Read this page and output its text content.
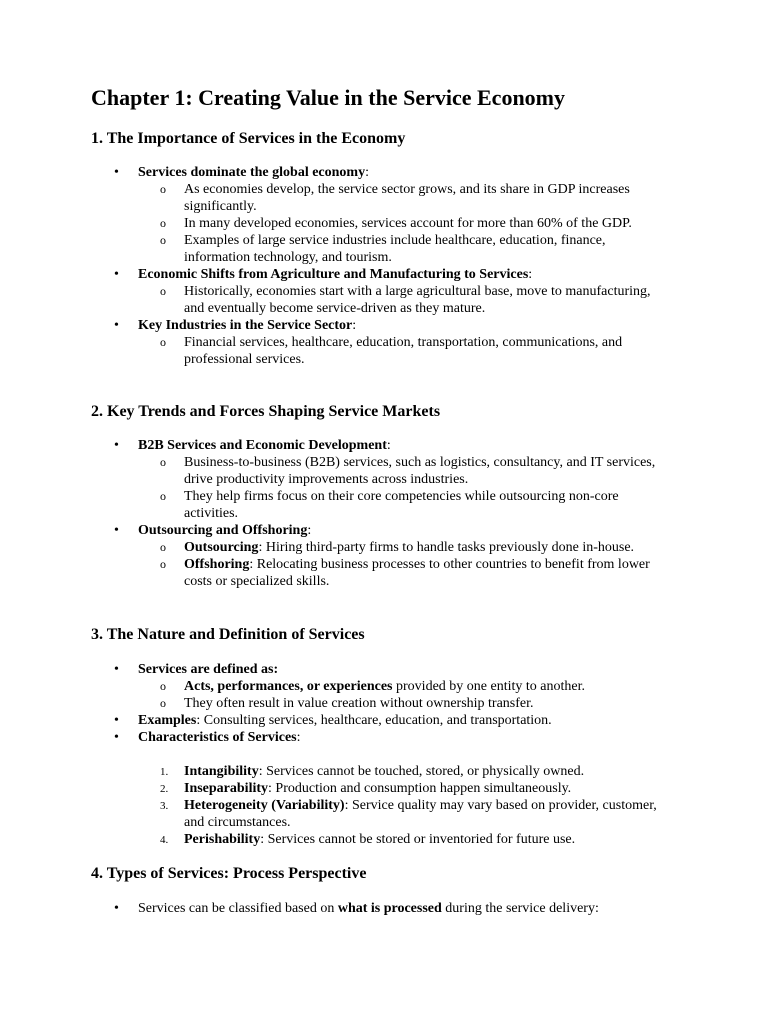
Chapter 1: Creating Value in the Service Economy
1. The Importance of Services in the Economy
•	Services dominate the global economy:
o As economies develop, the service sector grows, and its share in GDP increases significantly.
o In many developed economies, services account for more than 60% of the GDP.
o Examples of large service industries include healthcare, education, finance, information technology, and tourism.
•	Economic Shifts from Agriculture and Manufacturing to Services:
o Historically, economies start with a large agricultural base, move to manufacturing, and eventually become service-driven as they mature.
•	Key Industries in the Service Sector:
o Financial services, healthcare, education, transportation, communications, and professional services.
2. Key Trends and Forces Shaping Service Markets
•	B2B Services and Economic Development:
o Business-to-business (B2B) services, such as logistics, consultancy, and IT services, drive productivity improvements across industries.
o They help firms focus on their core competencies while outsourcing non-core activities.
•	Outsourcing and Offshoring:
o Outsourcing: Hiring third-party firms to handle tasks previously done in-house.
o Offshoring: Relocating business processes to other countries to benefit from lower costs or specialized skills.
3. The Nature and Definition of Services
•	Services are defined as:
o Acts, performances, or experiences provided by one entity to another.
o They often result in value creation without ownership transfer.
•	Examples: Consulting services, healthcare, education, and transportation.
•	Characteristics of Services:
1.	Intangibility: Services cannot be touched, stored, or physically owned.
2.	Inseparability: Production and consumption happen simultaneously.
3.	Heterogeneity (Variability): Service quality may vary based on provider, customer, and circumstances.
4.	Perishability: Services cannot be stored or inventoried for future use.
4. Types of Services: Process Perspective
•	Services can be classified based on what is processed during the service delivery:
